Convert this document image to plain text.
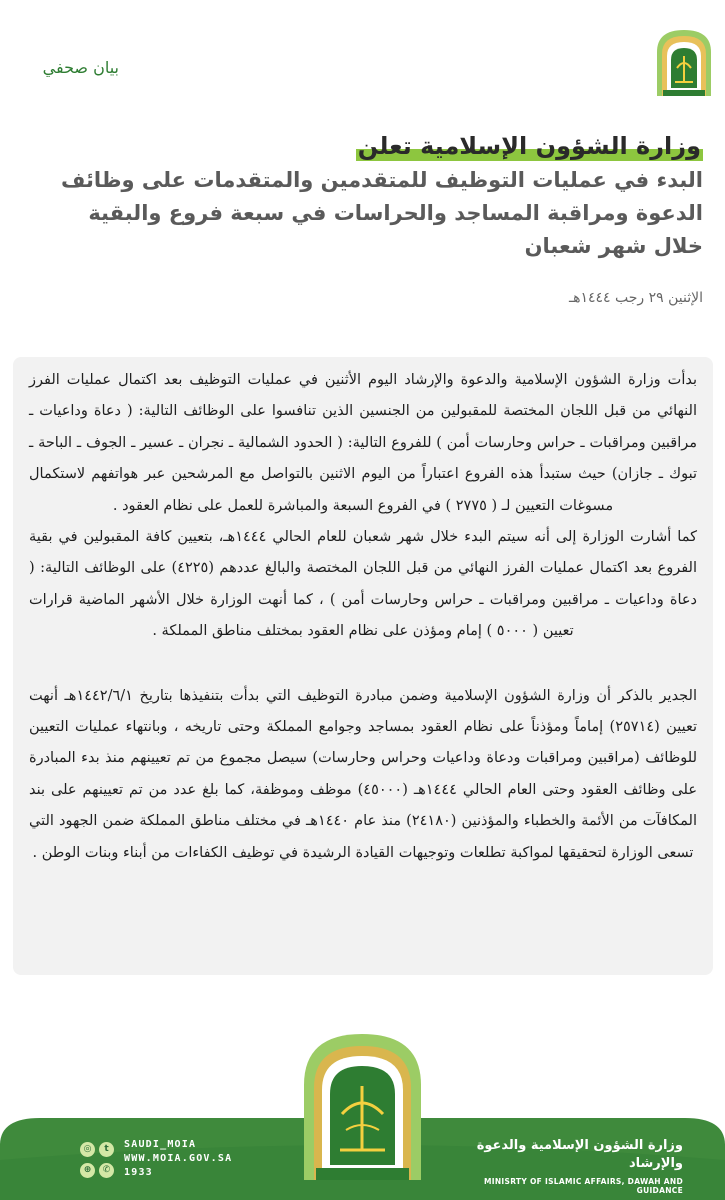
بيان صحفي
وزارة الشؤون الإسلامية تعلن

البدء في عمليات التوظيف للمتقدمين والمتقدمات على وظائف

الدعوة ومراقبة المساجد والحراسات في سبعة فروع والبقية

خلال شهر شعبان

الإثنين ٢٩ رجب ١٤٤٤هـ

بدأت وزارة الشؤون الإسلامية والدعوة والإرشاد اليوم الأثنين في عمليات التوظيف بعد اكتمال عمليات الفرز النهائي من قبل اللجان المختصة للمقبولين من الجنسين الذين تنافسوا على الوظائف التالية: ( دعاة وداعيات ـ مراقبين ومراقبات ـ حراس وحارسات أمن ) للفروع التالية: ( الحدود الشمالية ـ نجران ـ عسير ـ الجوف ـ الباحة ـ تبوك ـ جازان) حيث ستبدأ هذه الفروع اعتباراً من اليوم الاثنين بالتواصل مع المرشحين عبر هواتفهم لاستكمال مسوغات التعيين لـ ( ٢٧٧٥ ) في الفروع السبعة والمباشرة للعمل على نظام العقود .

كما أشارت الوزارة إلى أنه سيتم البدء خلال شهر شعبان للعام الحالي ١٤٤٤هـ، بتعيين كافة المقبولين في بقية الفروع بعد اكتمال عمليات الفرز النهائي من قبل اللجان المختصة والبالغ عددهم (٤٢٢٥) على الوظائف التالية: ( دعاة وداعيات ـ مراقبين ومراقبات ـ حراس وحارسات أمن ) ، كما أنهت الوزارة خلال الأشهر الماضية قرارات تعيين ( ٥٠٠٠ ) إمام ومؤذن على نظام العقود بمختلف مناطق المملكة .

الجدير بالذكر أن وزارة الشؤون الإسلامية وضمن مبادرة التوظيف التي بدأت بتنفيذها بتاريخ ١٤٤٢/٦/١هـ أنهت تعيين (٢٥٧١٤) إماماً ومؤذناً على نظام العقود بمساجد وجوامع المملكة وحتى تاريخه ، وبانتهاء عمليات التعيين للوظائف (مراقبين ومراقبات ودعاة وداعيات وحراس وحارسات) سيصل مجموع من تم تعيينهم منذ بدء المبادرة على وظائف العقود وحتى العام الحالي ١٤٤٤هـ (٤٥٠٠٠) موظف وموظفة، كما بلغ عدد من تم تعيينهم على بند المكافآت من الأئمة والخطباء والمؤذنين (٢٤١٨٠) منذ عام ١٤٤٠هـ في مختلف مناطق المملكة ضمن الجهود التي تسعى الوزارة لتحقيقها لمواكبة تطلعات وتوجيهات القيادة الرشيدة في توظيف الكفاءات من أبناء وبنات الوطن .

وزارة الشؤون الإسلامية والدعوة والإرشاد
MINISRTY OF ISLAMIC AFFAIRS, DAWAH AND GUIDANCE
◎	t
⊕	✆
SAUDI_MOIA
WWW.MOIA.GOV.SA
1933
